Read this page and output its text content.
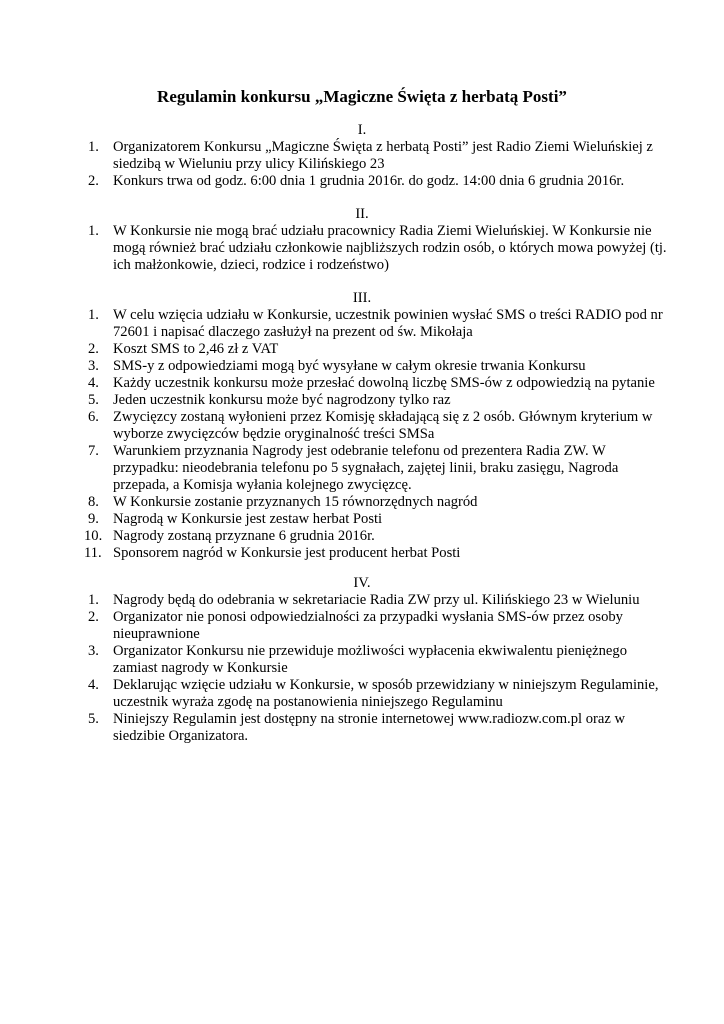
Regulamin konkursu „Magiczne Święta z herbatą Posti”
I.
1. Organizatorem Konkursu „Magiczne Święta z herbatą Posti” jest Radio Ziemi Wieluńskiej z siedzibą w Wieluniu przy ulicy Kilińskiego 23
2. Konkurs trwa od godz. 6:00 dnia 1 grudnia 2016r. do godz. 14:00 dnia 6 grudnia 2016r.
II.
1. W Konkursie nie mogą brać udziału pracownicy Radia Ziemi Wieluńskiej. W Konkursie nie mogą również brać udziału członkowie najbliższych rodzin osób, o których mowa powyżej (tj. ich małżonkowie, dzieci, rodzice i rodzeństwo)
III.
1. W celu wzięcia udziału w Konkursie, uczestnik powinien wysłać SMS o treści RADIO pod nr 72601 i napisać dlaczego zasłużył na prezent od św. Mikołaja
2. Koszt SMS to 2,46 zł z VAT
3. SMS-y z odpowiedziami mogą być wysyłane w całym okresie trwania Konkursu
4. Każdy uczestnik konkursu może przesłać dowolną liczbę SMS-ów z odpowiedzią na pytanie
5. Jeden uczestnik konkursu może być nagrodzony tylko raz
6. Zwycięzcy zostaną wyłonieni przez Komisję składającą się z 2 osób. Głównym kryterium w wyborze zwycięzców będzie oryginalność treści SMSa
7. Warunkiem przyznania Nagrody jest odebranie telefonu od prezentera Radia ZW. W przypadku: nieodebrania telefonu po 5 sygnałach, zajętej linii, braku zasięgu, Nagroda przepada, a Komisja wyłania kolejnego zwycięzcę.
8. W Konkursie zostanie przyznanych 15 równorzędnych nagród
9. Nagrodą w Konkursie jest zestaw herbat Posti
10. Nagrody zostaną przyznane 6 grudnia 2016r.
11. Sponsorem nagród w Konkursie jest producent herbat Posti
IV.
1. Nagrody będą do odebrania w sekretariacie Radia ZW przy ul. Kilińskiego 23 w Wieluniu
2. Organizator nie ponosi odpowiedzialności za przypadki wysłania SMS-ów przez osoby nieuprawnione
3. Organizator Konkursu nie przewiduje możliwości wypłacenia ekwiwalentu pieniężnego zamiast nagrody w Konkursie
4. Deklarując wzięcie udziału w Konkursie, w sposób przewidziany w niniejszym Regulaminie, uczestnik wyraża zgodę na postanowienia niniejszego Regulaminu
5. Niniejszy Regulamin jest dostępny na stronie internetowej www.radiozw.com.pl oraz w siedzibie Organizatora.
